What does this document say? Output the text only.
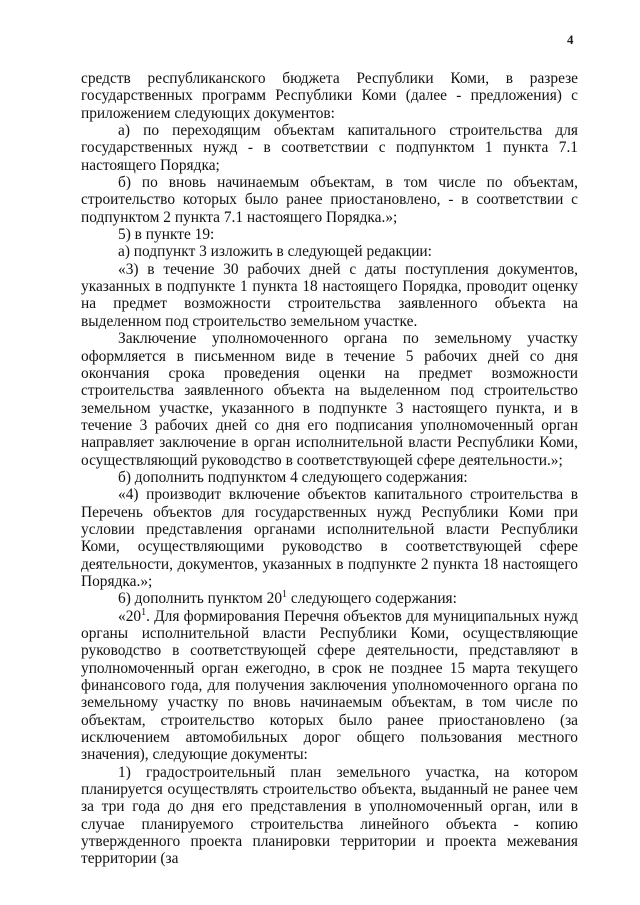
4

средств республиканского бюджета Республики Коми, в разрезе государственных программ Республики Коми (далее - предложения) с приложением следующих документов:

а) по переходящим объектам капитального строительства для государственных нужд - в соответствии с подпунктом 1 пункта 7.1 настоящего Порядка;

б) по вновь начинаемым объектам, в том числе по объектам, строительство которых было ранее приостановлено, - в соответствии с подпунктом 2 пункта 7.1 настоящего Порядка.»;

5) в пункте 19:

а) подпункт 3 изложить в следующей редакции:

«3) в течение 30 рабочих дней с даты поступления документов, указанных в подпункте 1 пункта 18 настоящего Порядка, проводит оценку на предмет возможности строительства заявленного объекта на выделенном под строительство земельном участке.

Заключение уполномоченного органа по земельному участку оформляется в письменном виде в течение 5 рабочих дней со дня окончания срока проведения оценки на предмет возможности строительства заявленного объекта на выделенном под строительство земельном участке, указанного в подпункте 3 настоящего пункта, и в течение 3 рабочих дней со дня его подписания уполномоченный орган направляет заключение в орган исполнительной власти Республики Коми, осуществляющий руководство в соответствующей сфере деятельности.»;

б) дополнить подпунктом 4 следующего содержания:

«4) производит включение объектов капитального строительства в Перечень объектов для государственных нужд Республики Коми при условии представления органами исполнительной власти Республики Коми, осуществляющими руководство в соответствующей сфере деятельности, документов, указанных в подпункте 2 пункта 18 настоящего Порядка.»;

6) дополнить пунктом $20^1$ следующего содержания:

«$20^1$. Для формирования Перечня объектов для муниципальных нужд органы исполнительной власти Республики Коми, осуществляющие руководство в соответствующей сфере деятельности, представляют в уполномоченный орган ежегодно, в срок не позднее 15 марта текущего финансового года, для получения заключения уполномоченного органа по земельному участку по вновь начинаемым объектам, в том числе по объектам, строительство которых было ранее приостановлено (за исключением автомобильных дорог общего пользования местного значения), следующие документы:

1) градостроительный план земельного участка, на котором планируется осуществлять строительство объекта, выданный не ранее чем за три года до дня его представления в уполномоченный орган, или в случае планируемого строительства линейного объекта - копию утвержденного проекта планировки территории и проекта межевания территории (за
